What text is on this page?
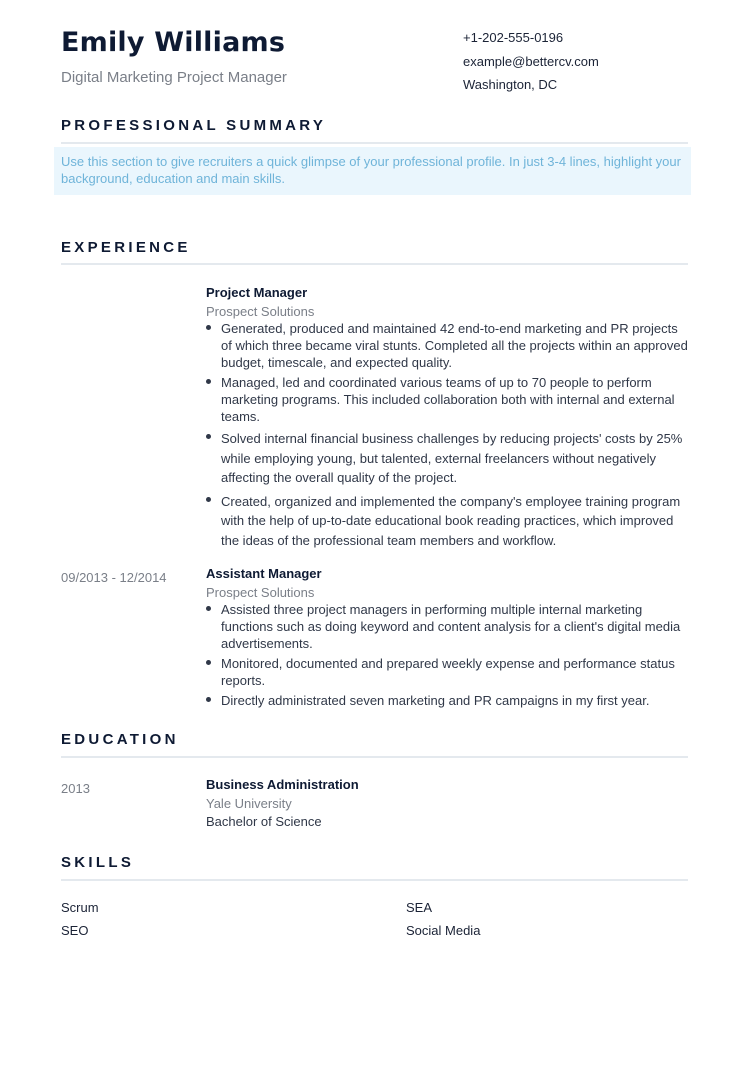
Emily Williams
Digital Marketing Project Manager
+1-202-555-0196
example@bettercv.com
Washington, DC
PROFESSIONAL SUMMARY
Use this section to give recruiters a quick glimpse of your professional profile. In just 3-4 lines, highlight your background, education and main skills.
EXPERIENCE
Project Manager
Prospect Solutions
Generated, produced and maintained 42 end-to-end marketing and PR projects of which three became viral stunts. Completed all the projects within an approved budget, timescale, and expected quality.
Managed, led and coordinated various teams of up to 70 people to perform marketing programs. This included collaboration both with internal and external teams.
Solved internal financial business challenges by reducing projects' costs by 25% while employing young, but talented, external freelancers without negatively affecting the overall quality of the project.
Created, organized and implemented the company's employee training program with the help of up-to-date educational book reading practices, which improved the ideas of the professional team members and workflow.
09/2013 - 12/2014	Assistant Manager
Prospect Solutions
Assisted three project managers in performing multiple internal marketing functions such as doing keyword and content analysis for a client's digital media advertisements.
Monitored, documented and prepared weekly expense and performance status reports.
Directly administrated seven marketing and PR campaigns in my first year.
EDUCATION
2013	Business Administration
Yale University
Bachelor of Science
SKILLS
Scrum	SEA
SEO	Social Media
